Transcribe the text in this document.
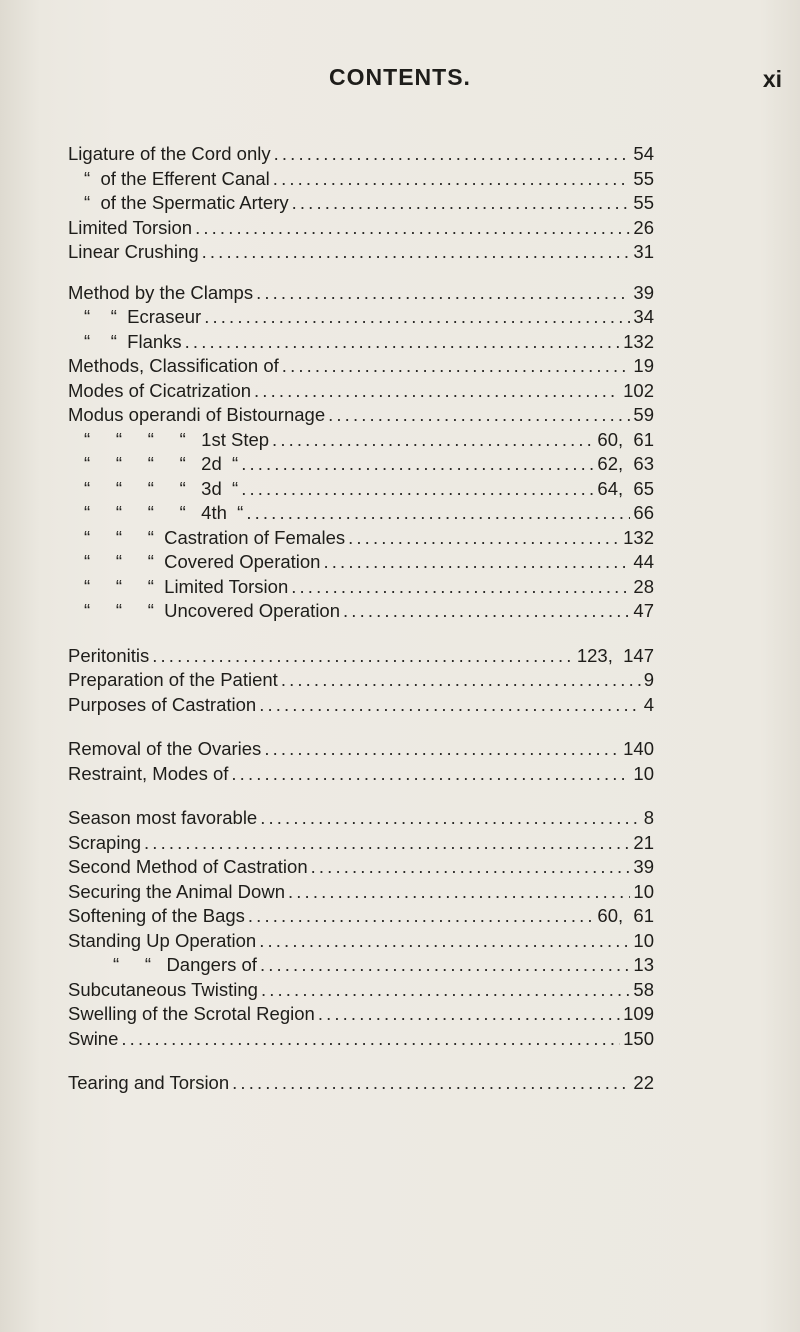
CONTENTS.	xi
Ligature of the Cord only . . .	54
“  of the Efferent Canal . . .	55
“  of the Spermatic Artery . . .	55
Limited Torsion . . .	26
Linear Crushing . . .	31
Method by the Clamps . . .	39
“    “  Ecraseur . . .	34
“    “  Flanks . . .	132
Methods, Classification of . . .	19
Modes of Cicatrization . . .	102
Modus operandi of Bistournage . . .	59
“     “     “     “   1st Step . . .	60,  61
“     “     “     “   2d  “ . . .	62,  63
“     “     “     “   3d  “ . . .	64,  65
“     “     “     “   4th  “ . . .	66
“     “     “  Castration of Females . . .	132
“     “     “  Covered Operation . . .	44
“     “     “  Limited Torsion . . .	28
“     “     “  Uncovered Operation . . .	47
Peritonitis . . .	123,  147
Preparation of the Patient . . .	9
Purposes of Castration . . .	4
Removal of the Ovaries . . .	140
Restraint, Modes of . . .	10
Season most favorable . . .	8
Scraping . . .	21
Second Method of Castration . . .	39
Securing the Animal Down . . .	10
Softening of the Bags . . .	60,  61
Standing Up Operation . . .	10
“     “   Dangers of . . .	13
Subcutaneous Twisting . . .	58
Swelling of the Scrotal Region . . .	109
Swine . . .	150
Tearing and Torsion . . .	22
